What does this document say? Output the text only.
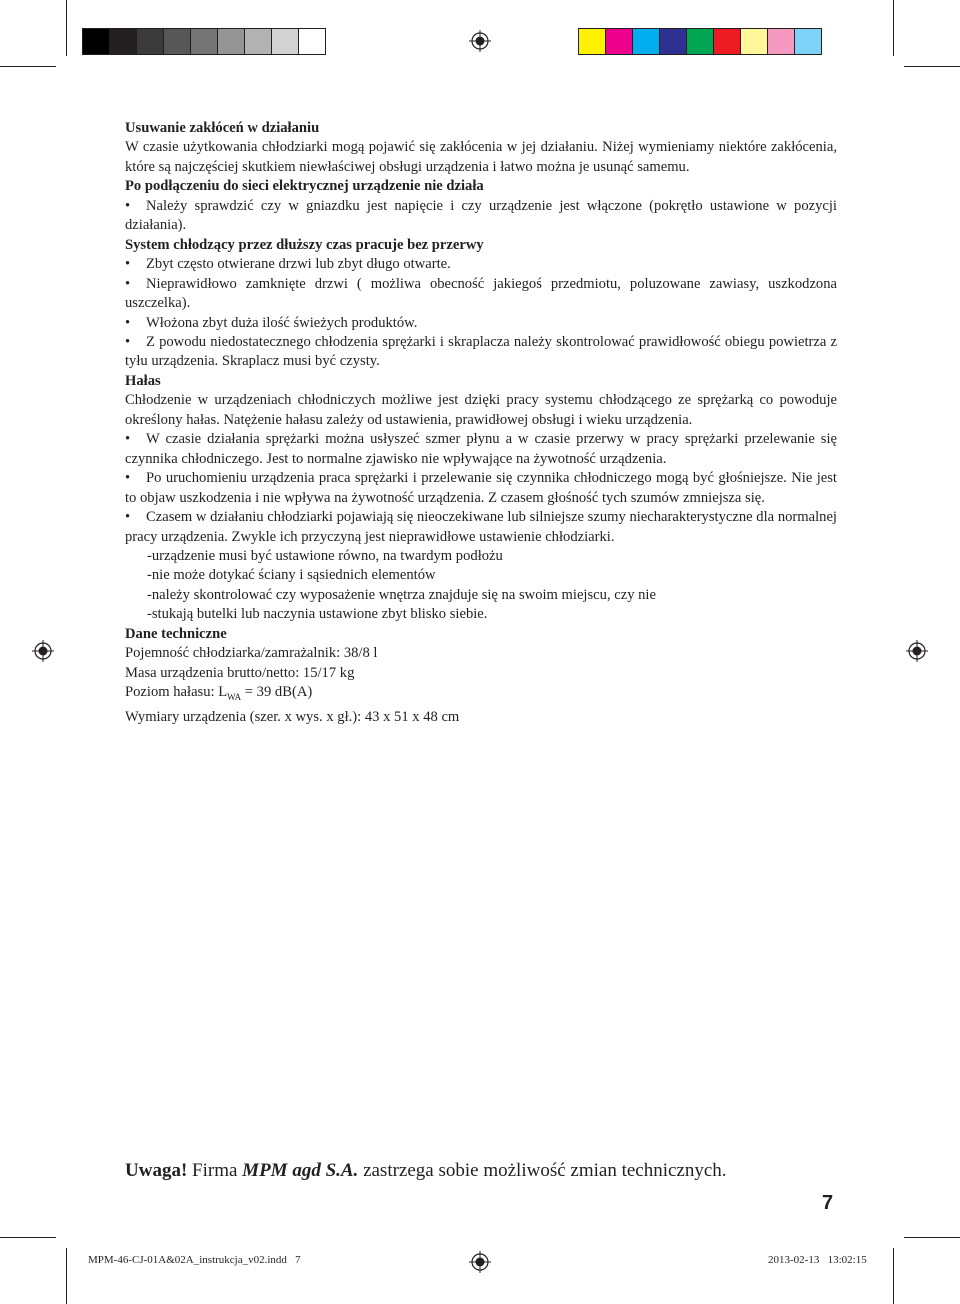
Usuwanie zakłóceń w działaniu

W czasie użytkowania chłodziarki mogą pojawić się zakłócenia w jej działaniu. Niżej wymieniamy niektóre zakłócenia, które są najczęściej skutkiem niewłaściwej obsługi urządzenia i łatwo można je usunąć samemu.

Po podłączeniu do sieci elektrycznej urządzenie nie działa

• Należy sprawdzić czy w gniazdku jest napięcie i czy urządzenie jest włączone (pokrętło ustawione w pozycji działania).

System chłodzący przez dłuższy czas pracuje bez przerwy

• Zbyt często otwierane drzwi lub zbyt długo otwarte.

• Nieprawidłowo zamknięte drzwi ( możliwa obecność jakiegoś przedmiotu, poluzowane zawiasy, uszkodzona uszczelka).

• Włożona zbyt duża ilość świeżych produktów.

• Z powodu niedostatecznego chłodzenia sprężarki i skraplacza należy skontrolować prawidłowość obiegu powietrza z tyłu urządzenia. Skraplacz musi być czysty.

Hałas

Chłodzenie w urządzeniach chłodniczych możliwe jest dzięki pracy systemu chłodzącego ze sprężarką co powoduje określony hałas. Natężenie hałasu zależy od ustawienia, prawidłowej obsługi i wieku urządzenia.

• W czasie działania sprężarki można usłyszeć szmer płynu a w czasie przerwy w pracy sprężarki przelewanie się czynnika chłodniczego. Jest to normalne zjawisko nie wpływające na żywotność urządzenia.

• Po uruchomieniu urządzenia praca sprężarki i przelewanie się czynnika chłodniczego mogą być głośniejsze. Nie jest to objaw uszkodzenia i nie wpływa na żywotność urządzenia. Z czasem głośność tych szumów zmniejsza się.

• Czasem w działaniu chłodziarki pojawiają się nieoczekiwane lub silniejsze szumy niecharakterystyczne dla normalnej pracy urządzenia. Zwykle ich przyczyną jest nieprawidłowe ustawienie chłodziarki.

-urządzenie musi być ustawione równo, na twardym podłożu

-nie może dotykać ściany i sąsiednich elementów

-należy skontrolować czy wyposażenie wnętrza znajduje się na swoim miejscu, czy nie

-stukają butelki lub naczynia ustawione zbyt blisko siebie.

Dane techniczne

Pojemność chłodziarka/zamrażalnik: 38/8 l

Masa urządzenia brutto/netto: 15/17 kg

Poziom hałasu: $L_{WA} = 39$ dB(A)

Wymiary urządzenia (szer. x wys. x gł.): 43 x 51 x 48 cm

Uwaga! Firma MPM agd S.A. zastrzega sobie możliwość zmian technicznych.
7
MPM-46-CJ-01A&02A_instrukcja_v02.indd   7	2013-02-13   13:02:15
